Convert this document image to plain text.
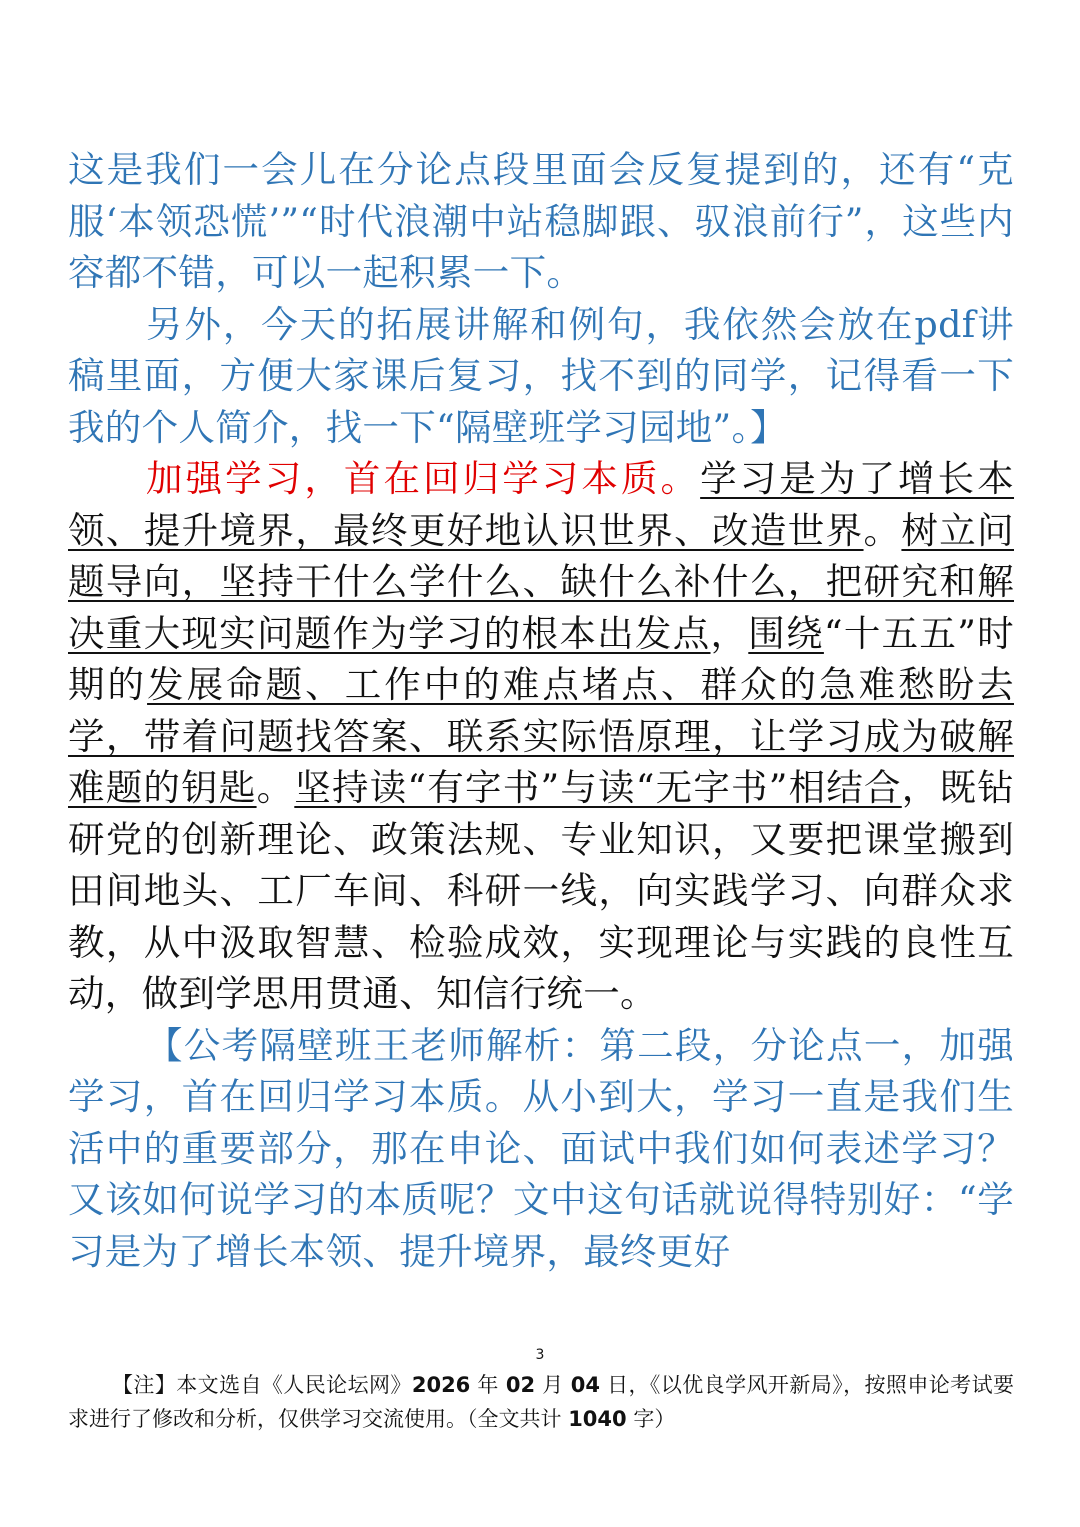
这是我们一会儿在分论点段里面会反复提到的，还有“克服‘本领恐慌’”“时代浪潮中站稳脚跟、驭浪前行”，这些内容都不错，可以一起积累一下。

另外，今天的拓展讲解和例句，我依然会放在pdf讲稿里面，方便大家课后复习，找不到的同学，记得看一下我的个人简介，找一下“隔壁班学习园地”。】

加强学习，首在回归学习本质。学习是为了增长本领、提升境界，最终更好地认识世界、改造世界。树立问题导向，坚持干什么学什么、缺什么补什么，把研究和解决重大现实问题作为学习的根本出发点，围绕“十五五”时期的发展命题、工作中的难点堵点、群众的急难愁盼去学，带着问题找答案、联系实际悟原理，让学习成为破解难题的钥匙。坚持读“有字书”与读“无字书”相结合，既钻研党的创新理论、政策法规、专业知识，又要把课堂搬到田间地头、工厂车间、科研一线，向实践学习、向群众求教，从中汲取智慧、检验成效，实现理论与实践的良性互动，做到学思用贯通、知信行统一。

【公考隔壁班王老师解析：第二段，分论点一，加强学习，首在回归学习本质。从小到大，学习一直是我们生活中的重要部分，那在申论、面试中我们如何表述学习？又该如何说学习的本质呢？文中这句话就说得特别好：“学习是为了增长本领、提升境界，最终更好

3
【注】本文选自《人民论坛网》2026 年 02 月 04 日，《以优良学风开新局》，按照申论考试要求进行了修改和分析，仅供学习交流使用。（全文共计 1040 字）
